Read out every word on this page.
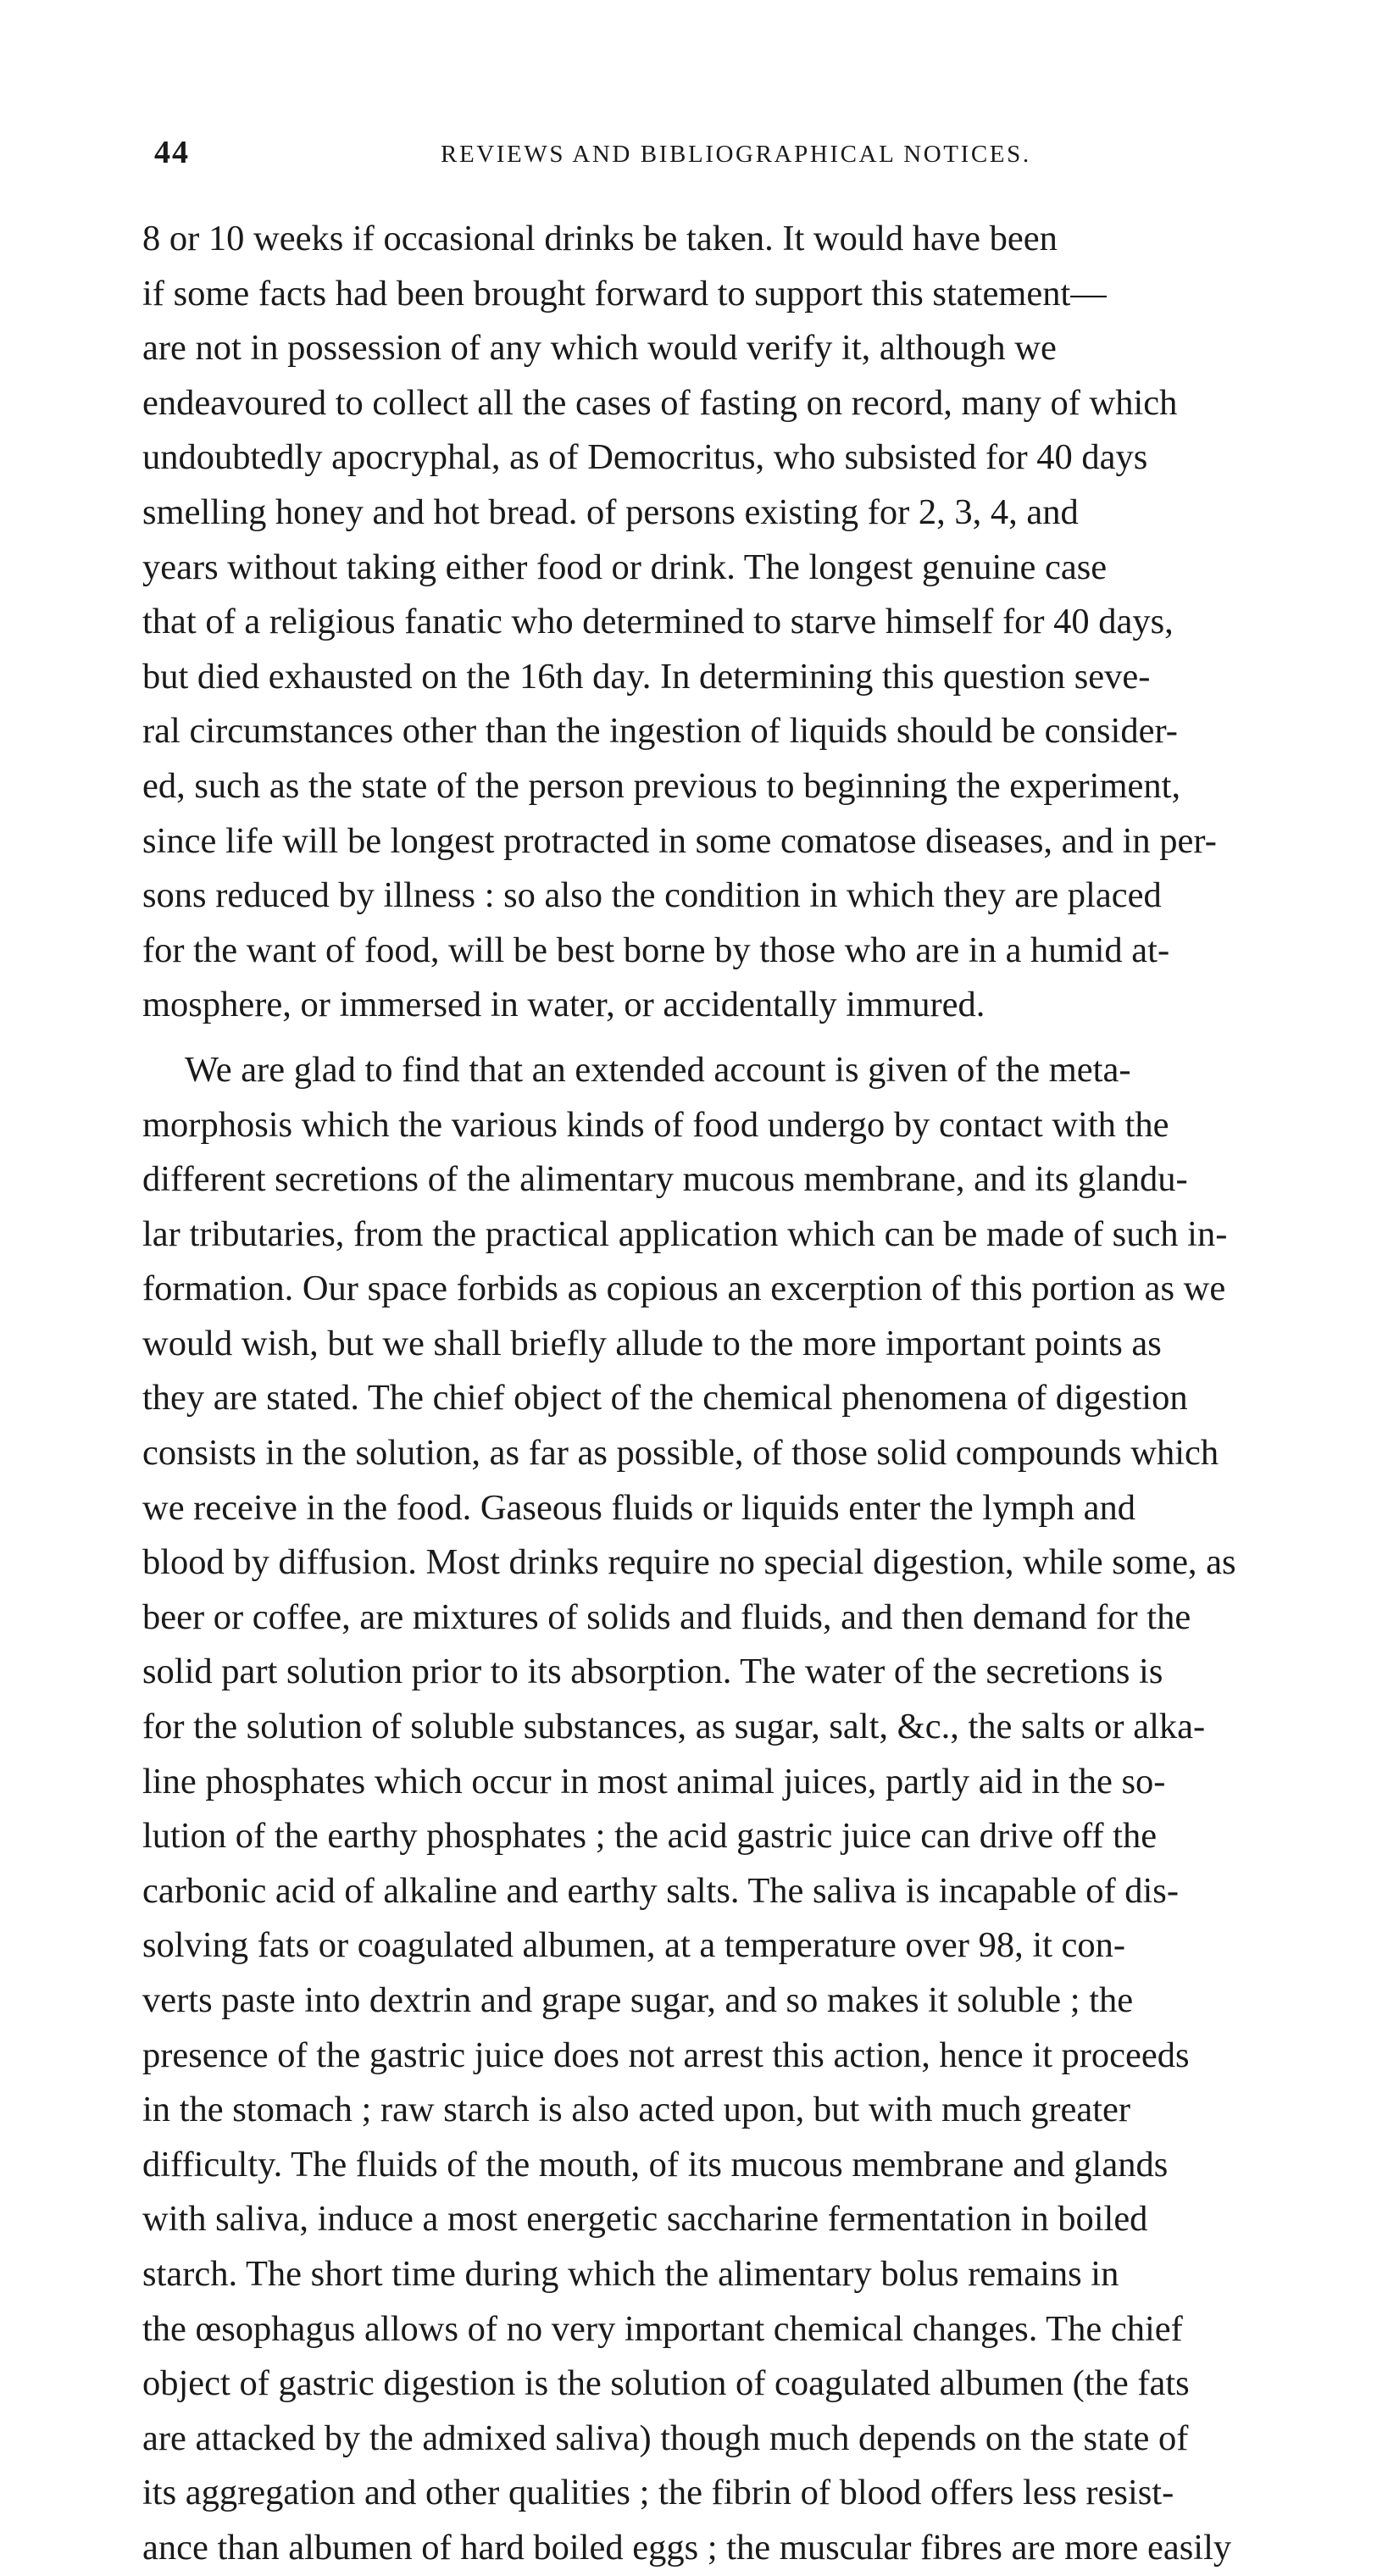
44	REVIEWS AND BIBLIOGRAPHICAL NOTICES.
8 or 10 weeks if occasional drinks be taken. It would have been
if some facts had been brought forward to support this statement—
are not in possession of any which would verify it, although we
endeavoured to collect all the cases of fasting on record, many of which
undoubtedly apocryphal, as of Democritus, who subsisted for 40 days
smelling honey and hot bread. of persons existing for 2, 3, 4, and
years without taking either food or drink. The longest genuine case
that of a religious fanatic who determined to starve himself for 40 days,
but died exhausted on the 16th day. In determining this question seve-
ral circumstances other than the ingestion of liquids should be consider-
ed, such as the state of the person previous to beginning the experiment,
since life will be longest protracted in some comatose diseases, and in per-
sons reduced by illness : so also the condition in which they are placed
for the want of food, will be best borne by those who are in a humid at-
mosphere, or immersed in water, or accidentally immured.
We are glad to find that an extended account is given of the meta-
morphosis which the various kinds of food undergo by contact with the
different secretions of the alimentary mucous membrane, and its glandu-
lar tributaries, from the practical application which can be made of such in-
formation. Our space forbids as copious an excerption of this portion as we
would wish, but we shall briefly allude to the more important points as
they are stated. The chief object of the chemical phenomena of digestion
consists in the solution, as far as possible, of those solid compounds which
we receive in the food. Gaseous fluids or liquids enter the lymph and
blood by diffusion. Most drinks require no special digestion, while some, as
beer or coffee, are mixtures of solids and fluids, and then demand for the
solid part solution prior to its absorption. The water of the secretions is
for the solution of soluble substances, as sugar, salt, &c., the salts or alka-
line phosphates which occur in most animal juices, partly aid in the so-
lution of the earthy phosphates ; the acid gastric juice can drive off the
carbonic acid of alkaline and earthy salts. The saliva is incapable of dis-
solving fats or coagulated albumen, at a temperature over 98, it con-
verts paste into dextrin and grape sugar, and so makes it soluble ; the
presence of the gastric juice does not arrest this action, hence it proceeds
in the stomach ; raw starch is also acted upon, but with much greater
difficulty. The fluids of the mouth, of its mucous membrane and glands
with saliva, induce a most energetic saccharine fermentation in boiled
starch. The short time during which the alimentary bolus remains in
the œsophagus allows of no very important chemical changes. The chief
object of gastric digestion is the solution of coagulated albumen (the fats
are attacked by the admixed saliva) though much depends on the state of
its aggregation and other qualities ; the fibrin of blood offers less resist-
ance than albumen of hard boiled eggs ; the muscular fibres are more easily
